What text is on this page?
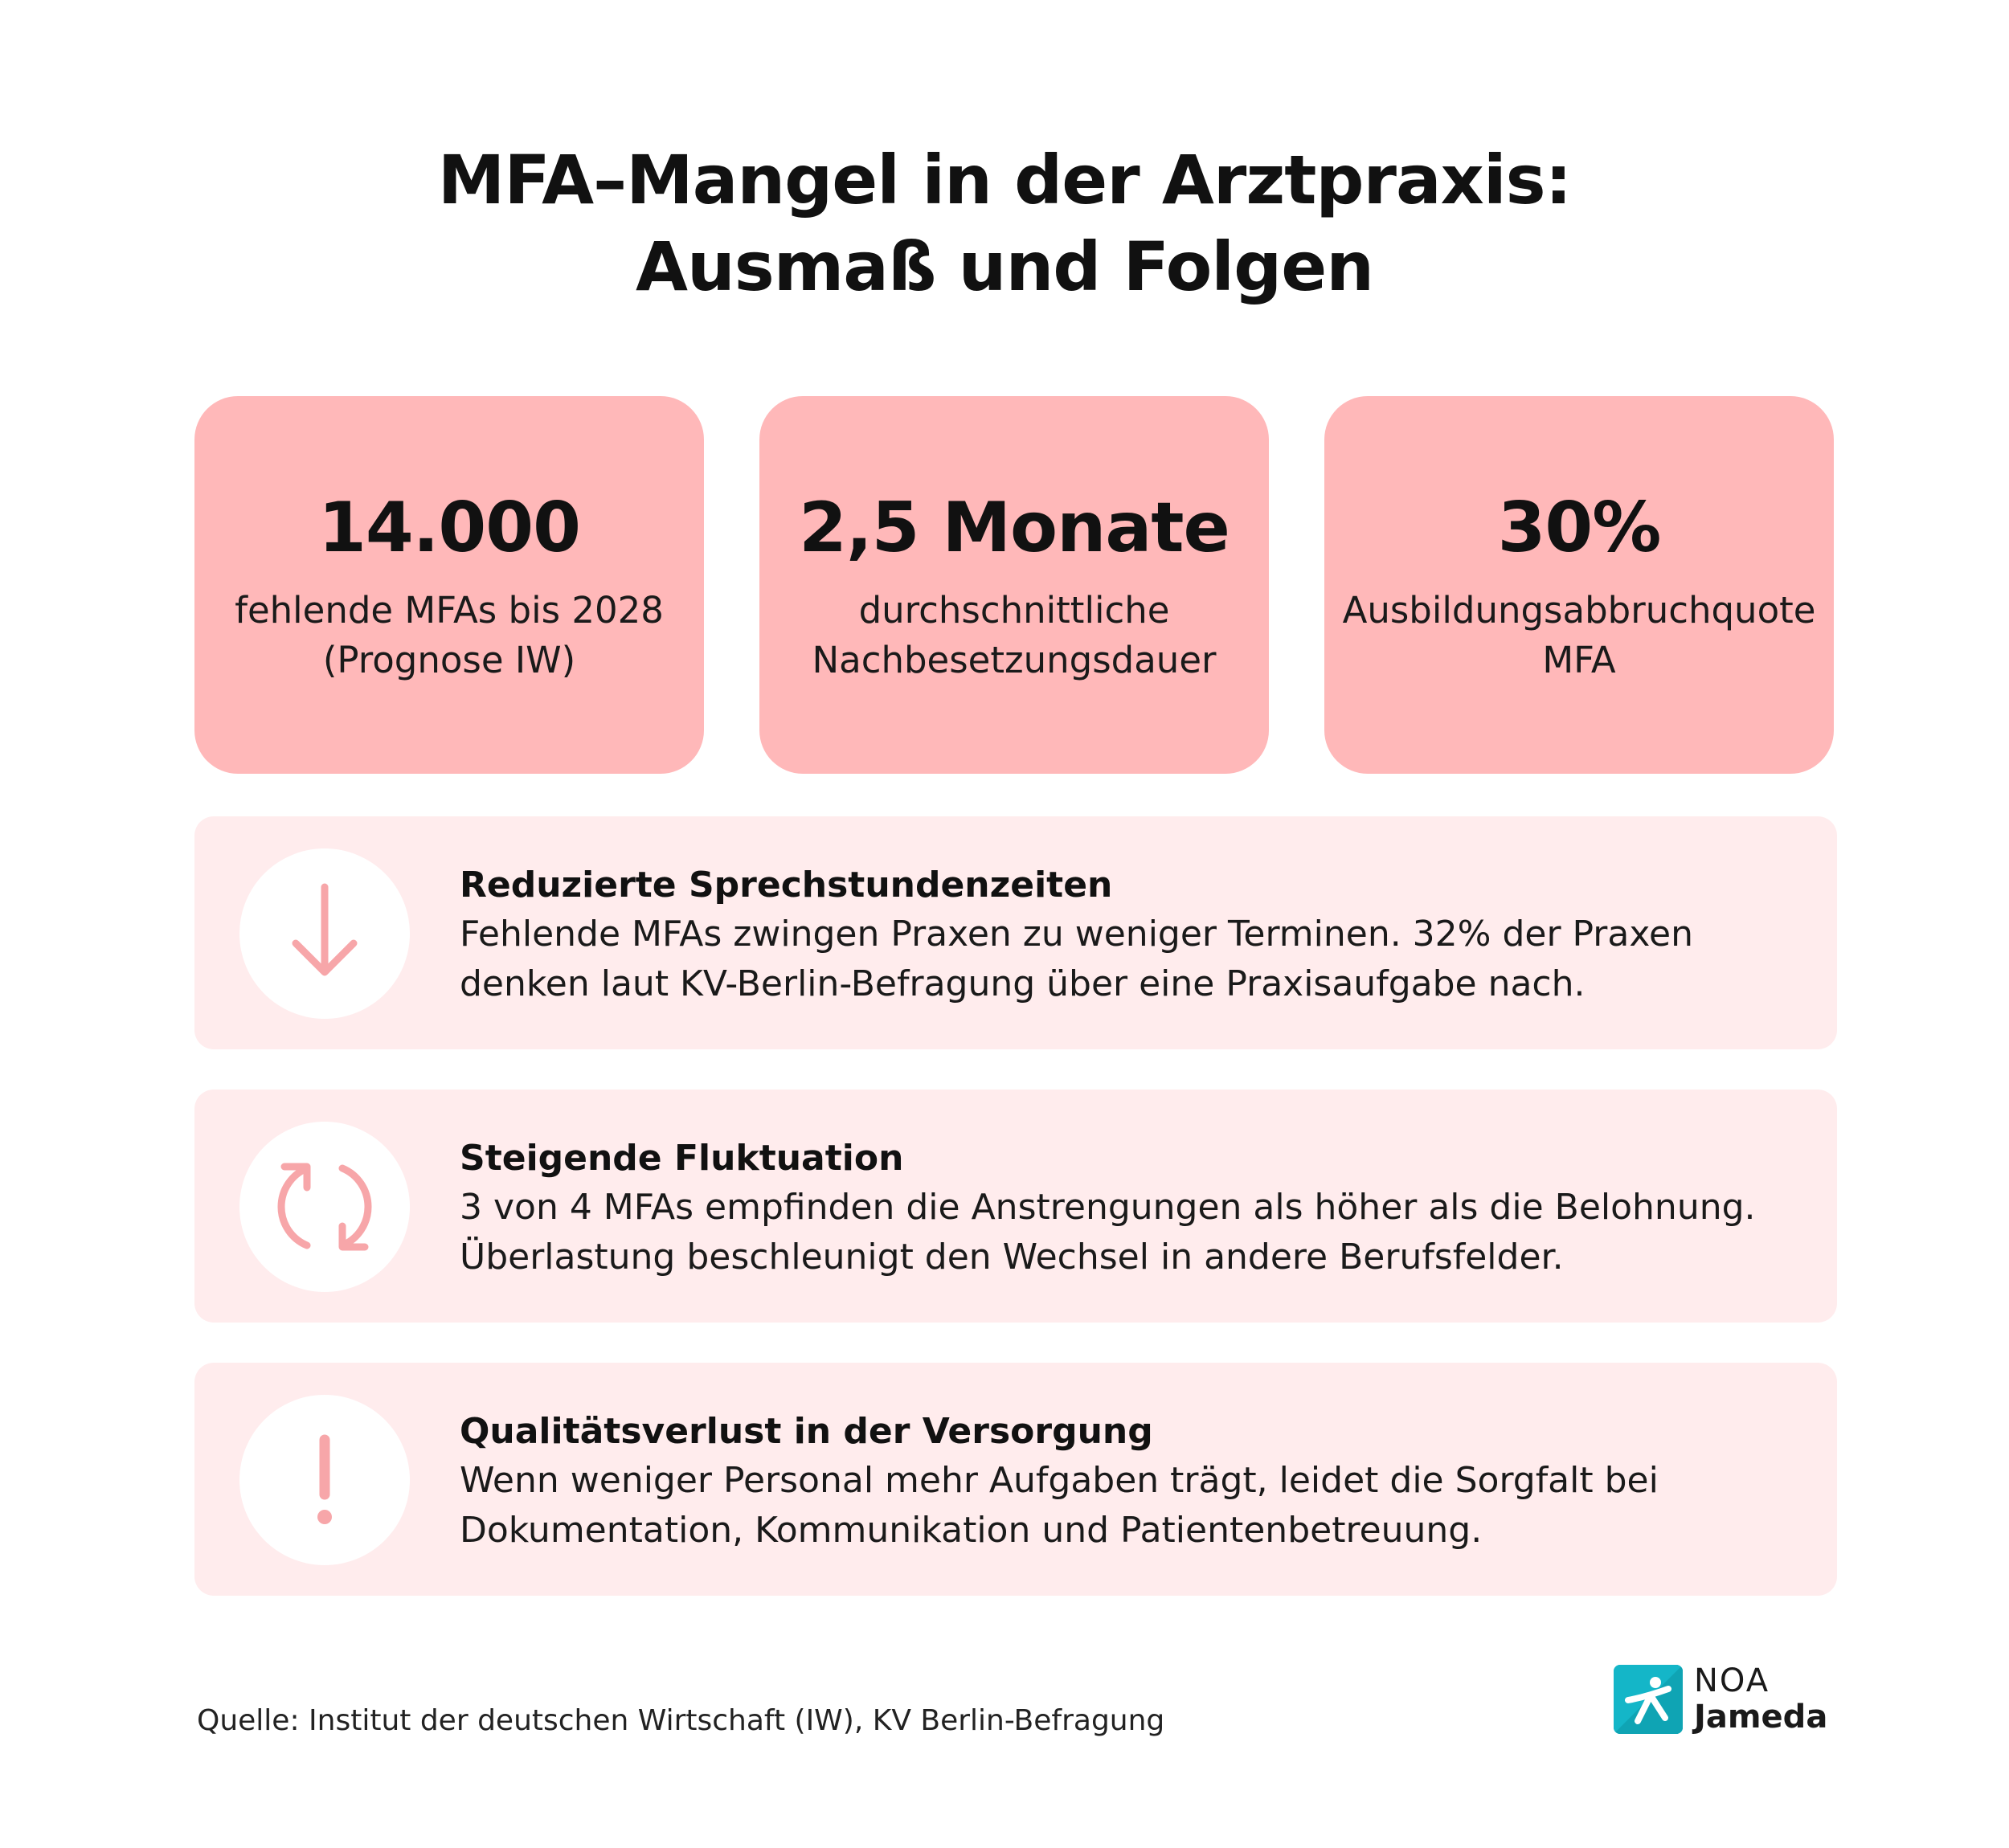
MFA–Mangel in der Arztpraxis:
Ausmaß und Folgen
14.000
fehlende MFAs bis 2028
(Prognose IW)
2,5 Monate
durchschnittliche
Nachbesetzungsdauer
30%
Ausbildungsabbruchquote
MFA
Reduzierte Sprechstundenzeiten
Fehlende MFAs zwingen Praxen zu weniger Terminen. 32% der Praxen
denken laut KV-Berlin-Befragung über eine Praxisaufgabe nach.
Steigende Fluktuation
3 von 4 MFAs empfinden die Anstrengungen als höher als die Belohnung.
Überlastung beschleunigt den Wechsel in andere Berufsfelder.
Qualitätsverlust in der Versorgung
Wenn weniger Personal mehr Aufgaben trägt, leidet die Sorgfalt bei
Dokumentation, Kommunikation und Patientenbetreuung.
Quelle: Institut der deutschen Wirtschaft (IW), KV Berlin-Befragung
NOA
Jameda
